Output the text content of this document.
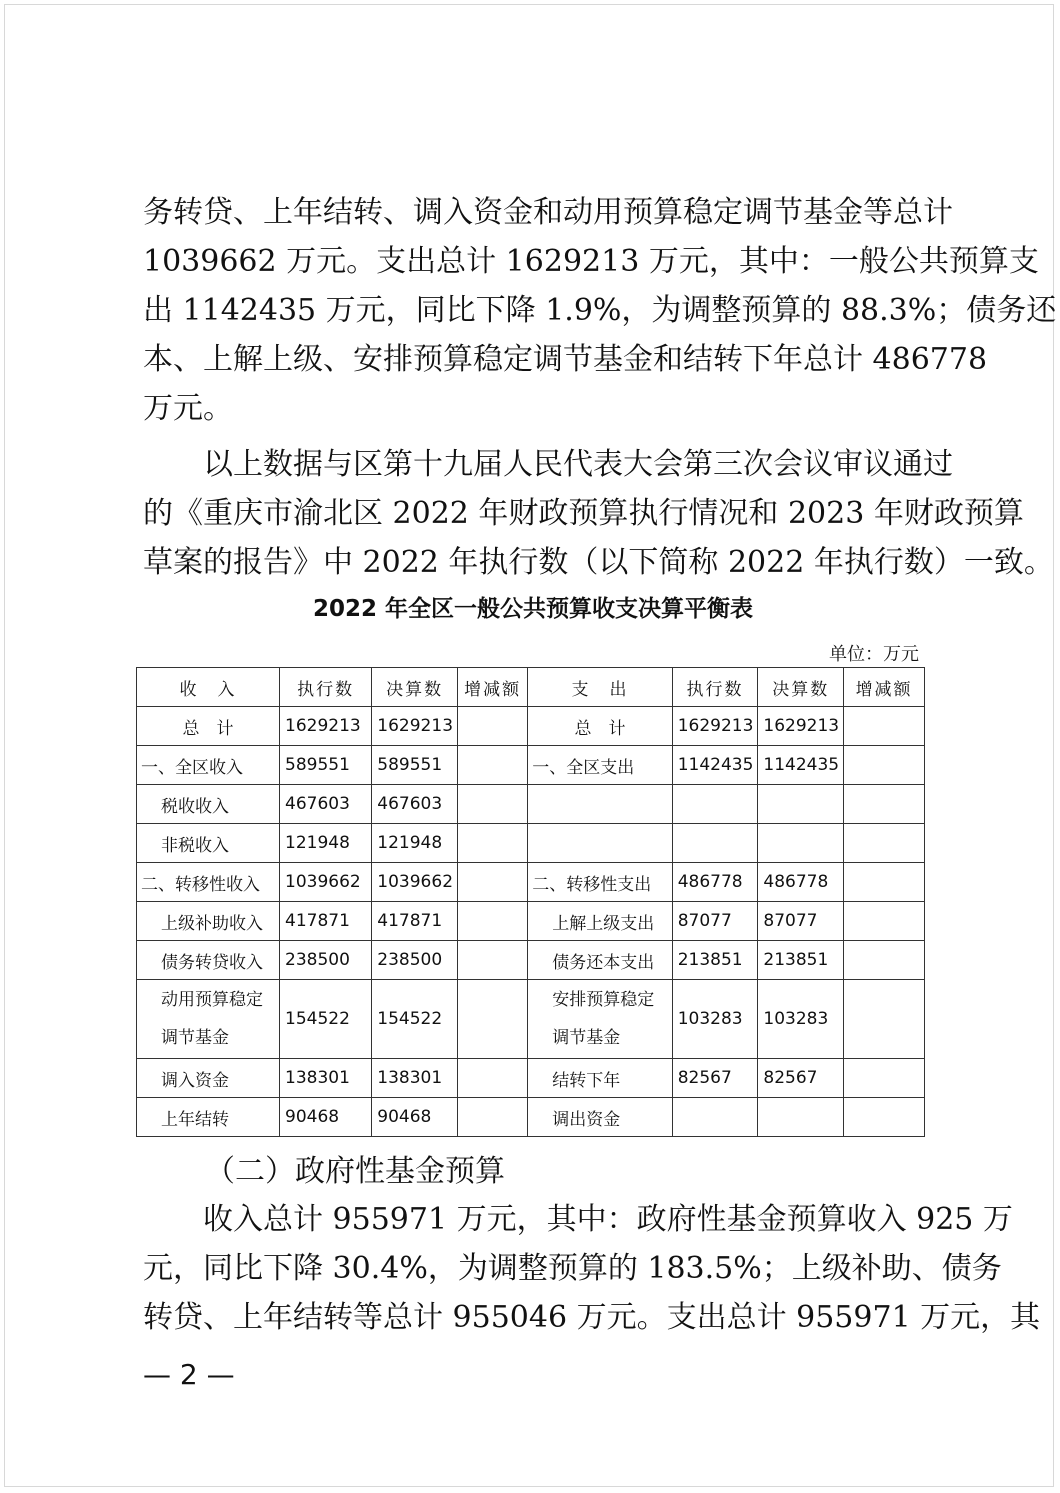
务转贷、上年结转、调入资金和动用预算稳定调节基金等总计
1039662 万元。支出总计 1629213 万元，其中：一般公共预算支
出 1142435 万元，同比下降 1.9%，为调整预算的 88.3%；债务还
本、上解上级、安排预算稳定调节基金和结转下年总计 486778
万元。
以上数据与区第十九届人民代表大会第三次会议审议通过
的《重庆市渝北区 2022 年财政预算执行情况和 2023 年财政预算
草案的报告》中 2022 年执行数（以下简称 2022 年执行数）一致。
2022 年全区一般公共预算收支决算平衡表
单位：万元
收　入	执行数	决算数	增减额	支　出	执行数	决算数	增减额
总　计	1629213	1629213		总　计	1629213	1629213	
一、全区收入	589551	589551		一、全区支出	1142435	1142435	
税收收入	467603	467603					
非税收入	121948	121948					
二、转移性收入	1039662	1039662		二、转移性支出	486778	486778	
上级补助收入	417871	417871		上解上级支出	87077	87077	
债务转贷收入	238500	238500		债务还本支出	213851	213851	
动用预算稳定调节基金	154522	154522		安排预算稳定调节基金	103283	103283	
调入资金	138301	138301		结转下年	82567	82567	
上年结转	90468	90468		调出资金			
（二）政府性基金预算
收入总计 955971 万元，其中：政府性基金预算收入 925 万
元，同比下降 30.4%，为调整预算的 183.5%；上级补助、债务
转贷、上年结转等总计 955046 万元。支出总计 955971 万元，其
— 2 —
